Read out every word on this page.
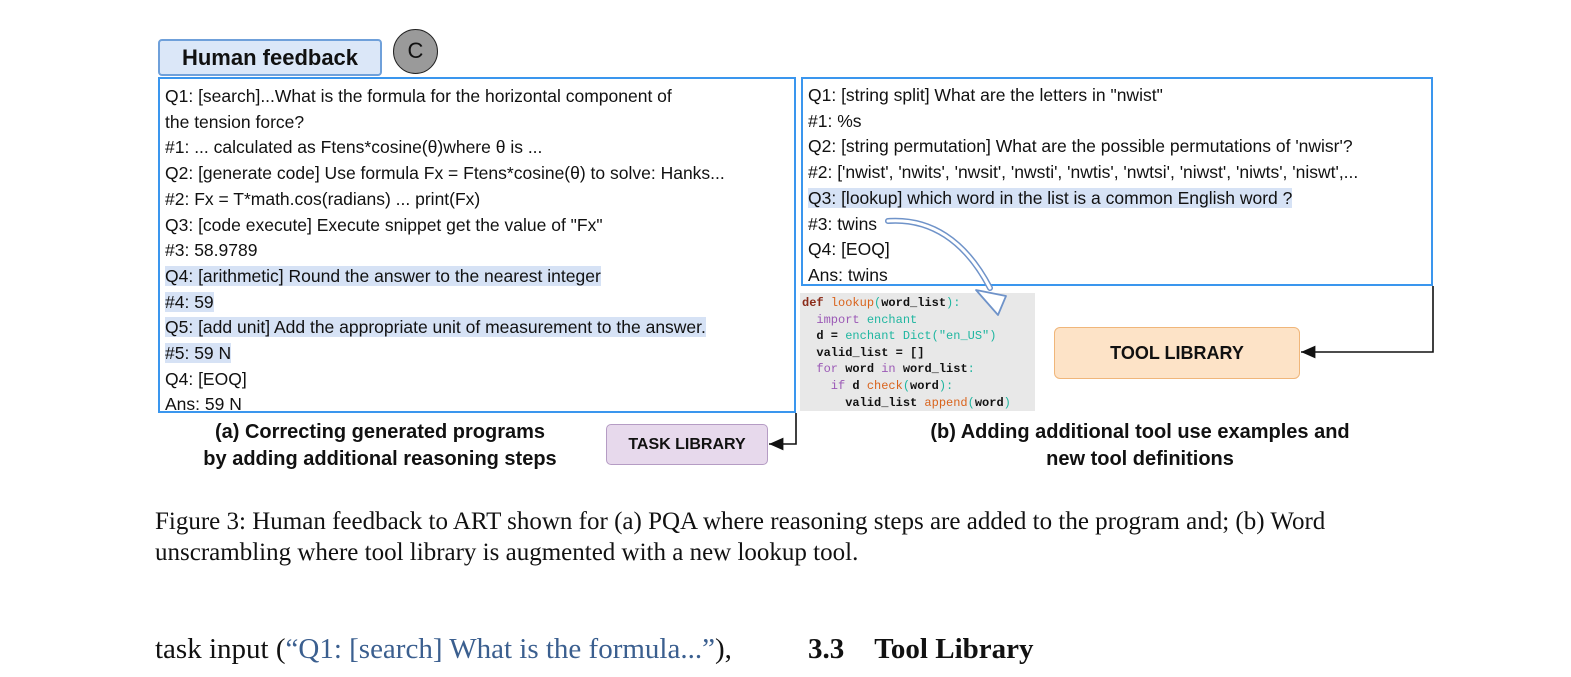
Human feedback	C
Q1: [search]...What is the formula for the horizontal component of
the tension force?
#1: ... calculated as Ftens*cosine(θ)where θ is ...
Q2: [generate code] Use formula Fx = Ftens*cosine(θ) to solve: Hanks...
#2: Fx = T*math.cos(radians) ... print(Fx)
Q3: [code execute] Execute snippet get the value of "Fx"
#3: 58.9789
Q4: [arithmetic] Round the answer to the nearest integer
#4: 59
Q5: [add unit] Add the appropriate unit of measurement to the answer.
#5: 59 N
Q4: [EOQ]
Ans: 59 N
Q1: [string split] What are the letters in "nwist"
#1: %s
Q2: [string permutation] What are the possible permutations of 'nwisr'?
#2: ['nwist', 'nwits', 'nwsit', 'nwsti', 'nwtis', 'nwtsi', 'niwst', 'niwts', 'niswt',...
Q3: [lookup] which word in the list is a common English word ?
#3: twins
Q4: [EOQ]
Ans: twins
def lookup(word_list):
import enchant
d = enchant Dict("en_US")
valid_list = []
for word in word_list:
if d check(word):
valid_list append(word)
TOOL LIBRARY
TASK LIBRARY
(a) Correcting generated programs
by adding additional reasoning steps
(b) Adding additional tool use examples and
new tool definitions
Figure 3: Human feedback to ART shown for (a) PQA where reasoning steps are added to the program and; (b) Word unscrambling where tool library is augmented with a new lookup tool.
task input (“Q1: [search] What is the formula...”),	3.3 Tool Library
